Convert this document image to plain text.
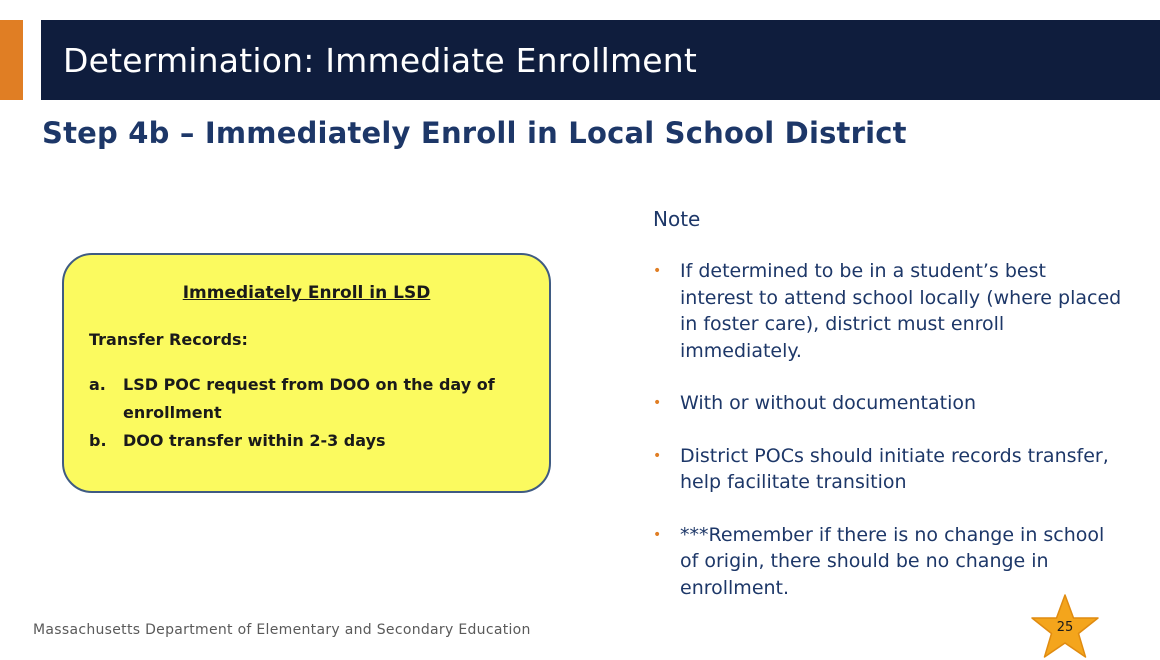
Determination: Immediate Enrollment
Step 4b – Immediately Enroll in Local School District
Immediately Enroll in LSD
Transfer Records:
a. LSD POC request from DOO on the day of enrollment
b. DOO transfer within 2-3 days
Note
• If determined to be in a student’s best interest to attend school locally (where placed in foster care), district must enroll immediately.
• With or without documentation
• District POCs should initiate records transfer, help facilitate transition
• ***Remember if there is no change in school of origin, there should be no change in enrollment.
Massachusetts Department of Elementary and Secondary Education	25
